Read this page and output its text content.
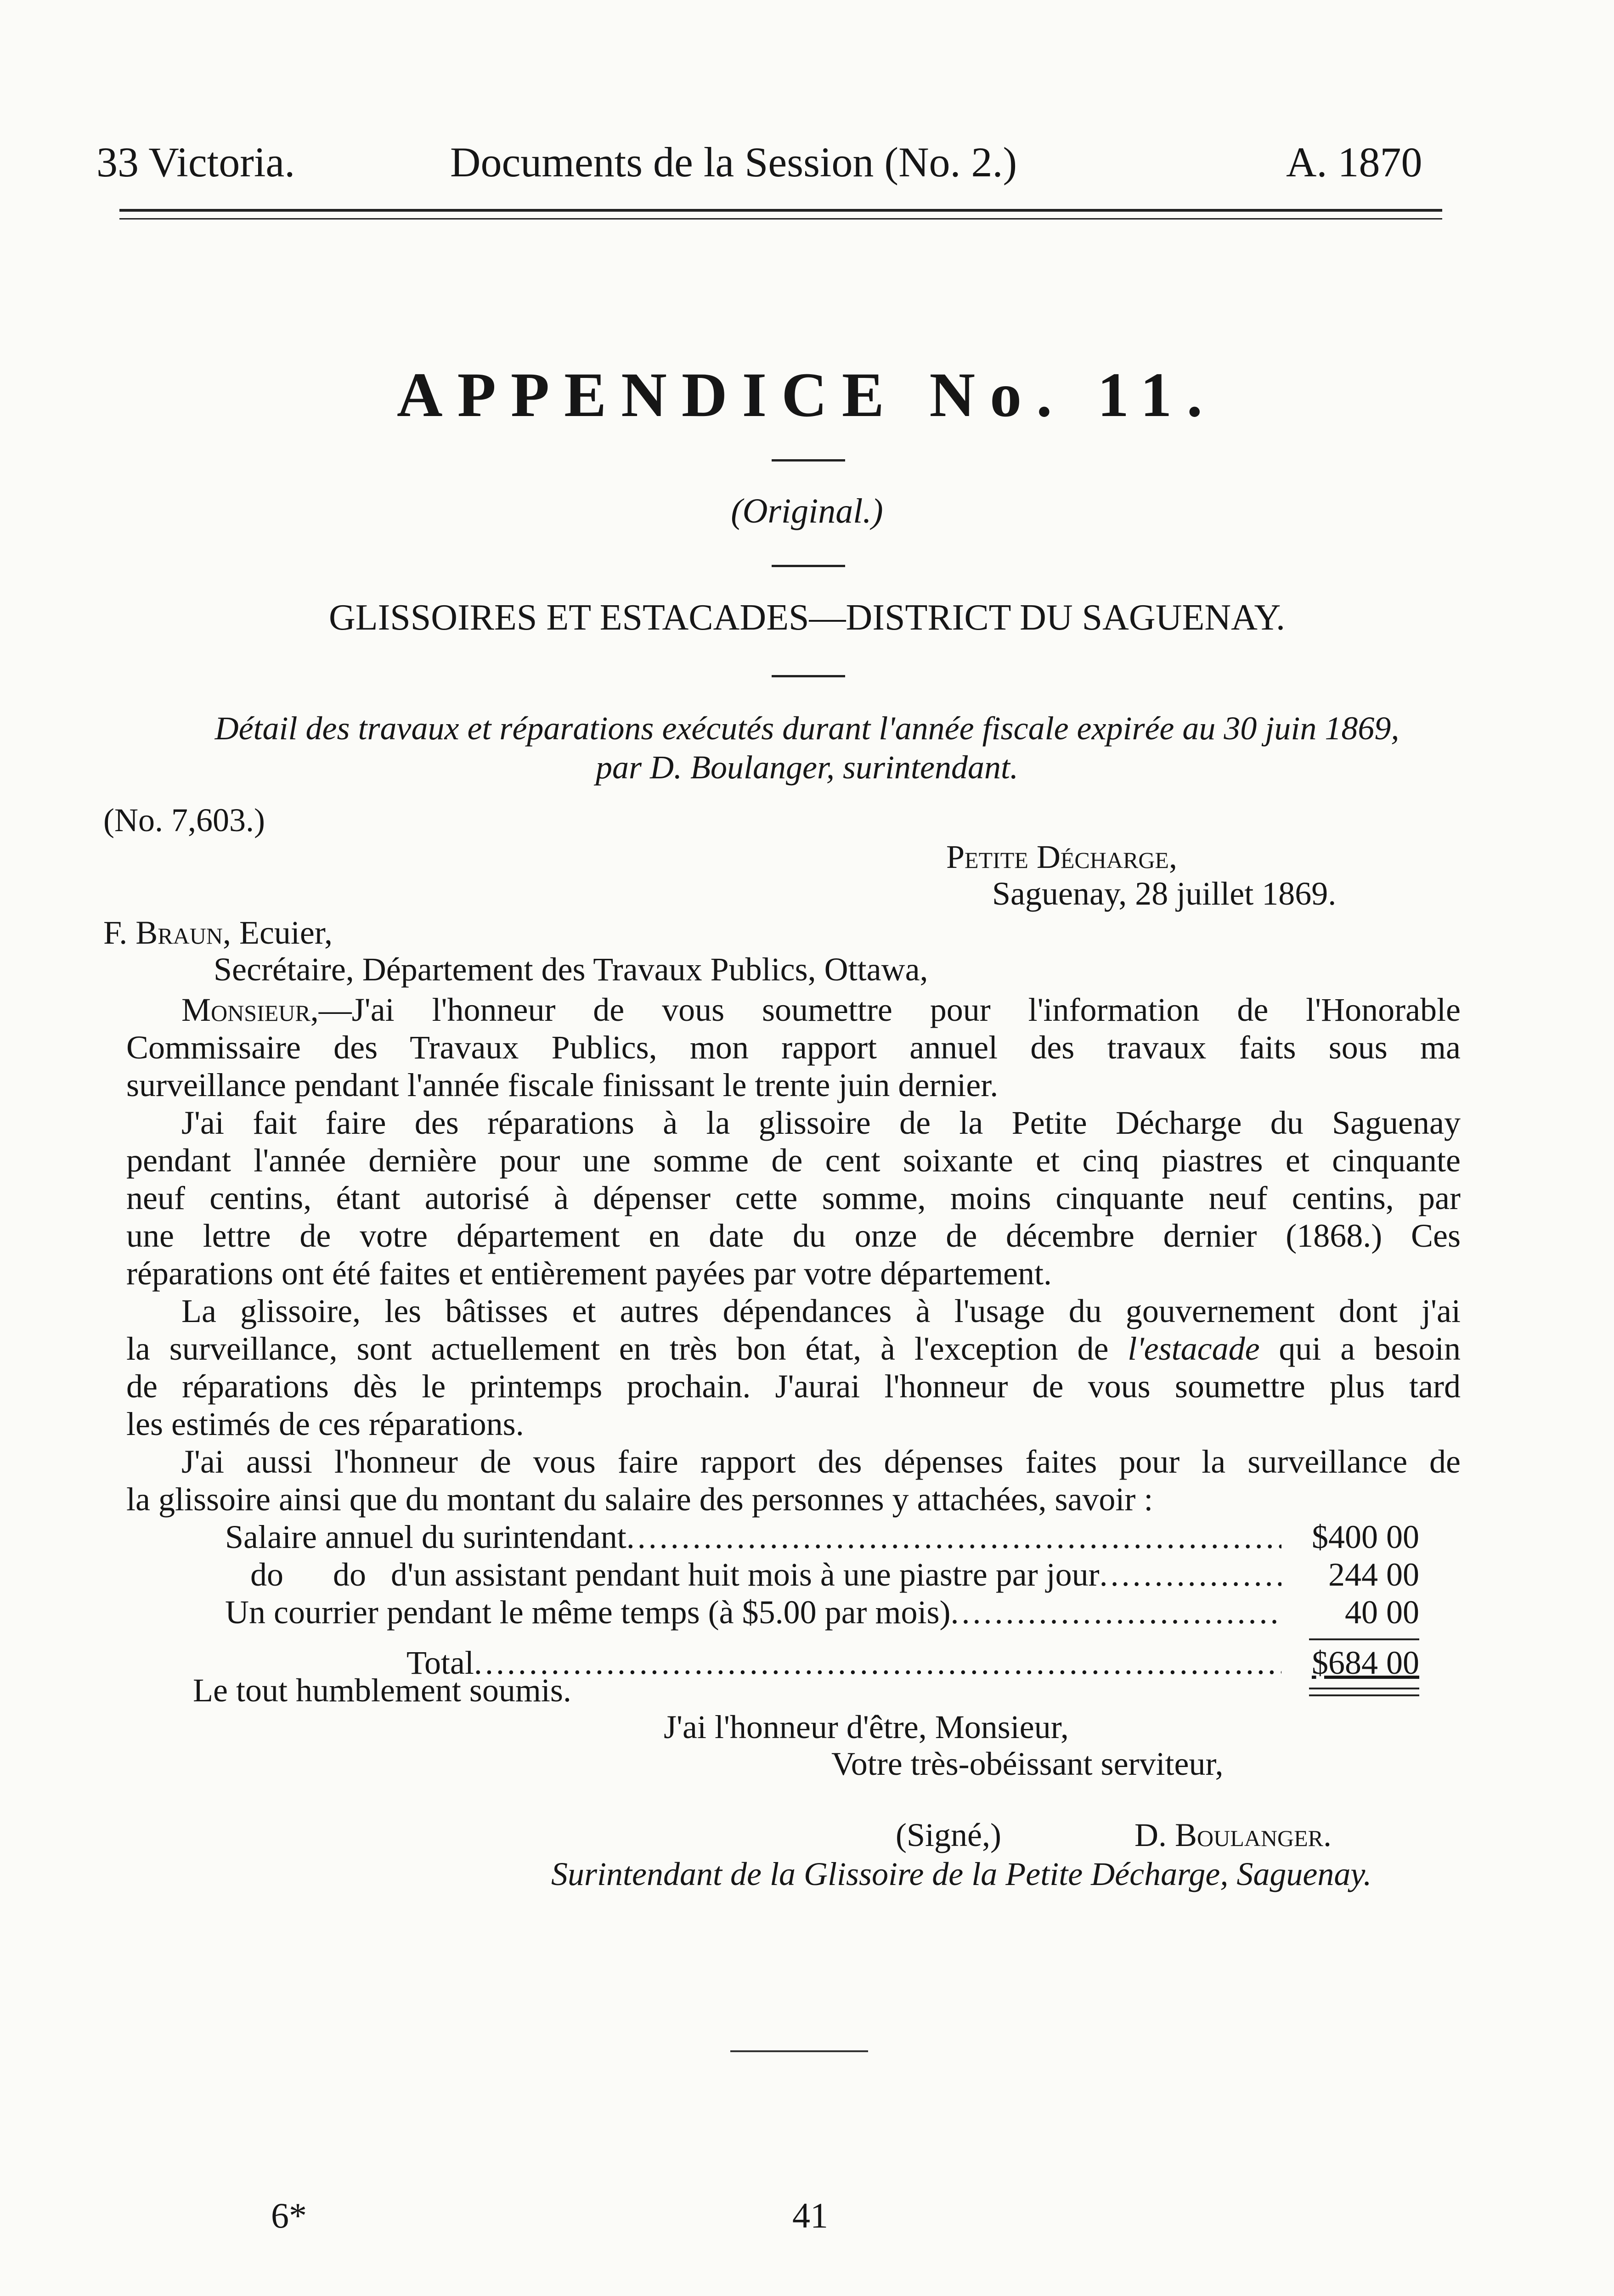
33 Victoria.	Documents de la Session (No. 2.)	A. 1870
APPENDICE No. 11.
(Original.)
GLISSOIRES ET ESTACADES—DISTRICT DU SAGUENAY.
Détail des travaux et réparations exécutés durant l'année fiscale expirée au 30 juin 1869,
par D. Boulanger, surintendant.
(No. 7,603.)
Petite Décharge,
Saguenay, 28 juillet 1869.
F. Braun, Ecuier,
Secrétaire, Département des Travaux Publics, Ottawa,
Monsieur,—J'ai l'honneur de vous soumettre pour l'information de l'Honorable
Commissaire des Travaux Publics, mon rapport annuel des travaux faits sous ma
surveillance pendant l'année fiscale finissant le trente juin dernier.
J'ai fait faire des réparations à la glissoire de la Petite Décharge du Saguenay
pendant l'année dernière pour une somme de cent soixante et cinq piastres et cinquante
neuf centins, étant autorisé à dépenser cette somme, moins cinquante neuf centins, par
une lettre de votre département en date du onze de décembre dernier (1868.) Ces
réparations ont été faites et entièrement payées par votre département.
La glissoire, les bâtisses et autres dépendances à l'usage du gouvernement dont j'ai
la surveillance, sont actuellement en très bon état, à l'exception de l'estacade qui a besoin
de réparations dès le printemps prochain. J'aurai l'honneur de vous soumettre plus tard
les estimés de ces réparations.
J'ai aussi l'honneur de vous faire rapport des dépenses faites pour la surveillance de
la glissoire ainsi que du montant du salaire des personnes y attachées, savoir :
Salaire annuel du surintendant .....	$400 00
do      do   d'un assistant pendant huit mois à une piastre par jour .....	244 00
Un courrier pendant le même temps (à $5.00 par mois) .....	40 00
Total .....	$684 00
Le tout humblement soumis.
J'ai l'honneur d'être, Monsieur,
Votre très-obéissant serviteur,
(Signé,)	D. Boulanger.
Surintendant de la Glissoire de la Petite Décharge, Saguenay.
6*	41
